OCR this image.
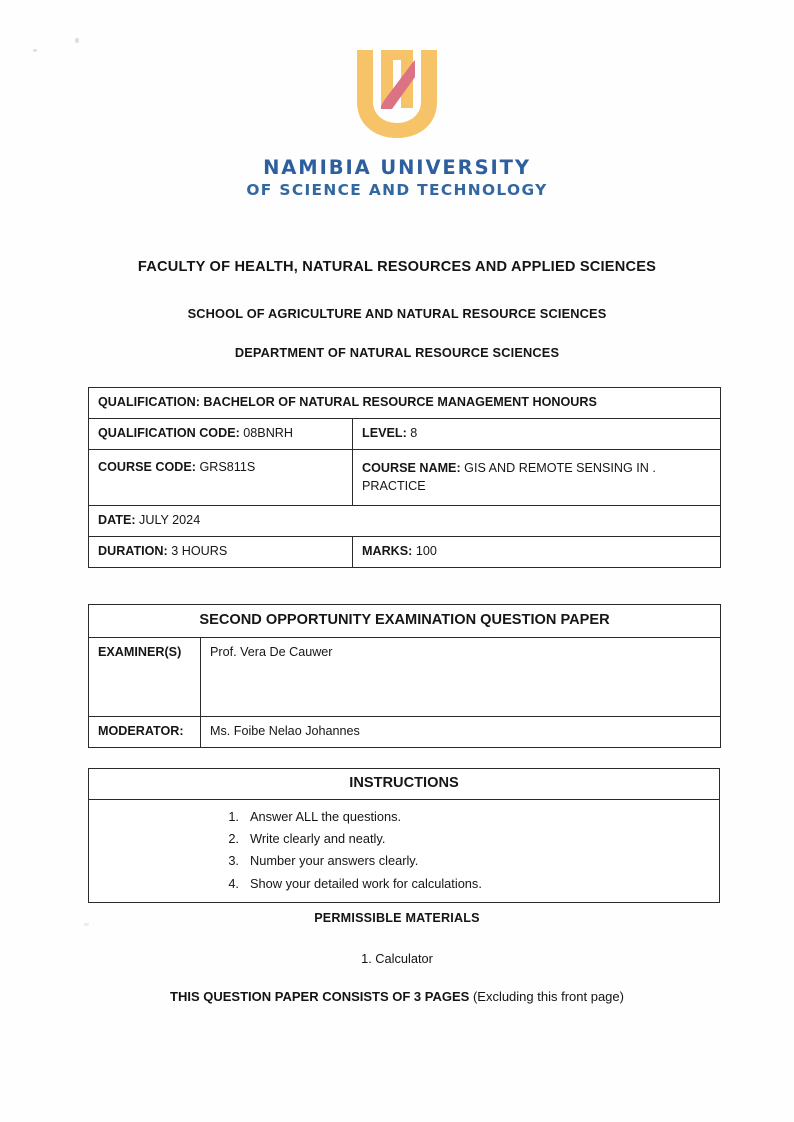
NAMIBIA UNIVERSITY
OF SCIENCE AND TECHNOLOGY
FACULTY OF HEALTH, NATURAL RESOURCES AND APPLIED SCIENCES
SCHOOL OF AGRICULTURE AND NATURAL RESOURCE SCIENCES
DEPARTMENT OF NATURAL RESOURCE SCIENCES
QUALIFICATION: BACHELOR OF NATURAL RESOURCE MANAGEMENT HONOURS	
QUALIFICATION CODE: 08BNRH	LEVEL: 8
COURSE CODE: GRS811S	COURSE NAME: GIS AND REMOTE SENSING IN . PRACTICE
DATE: JULY 2024	
DURATION: 3 HOURS	MARKS: 100
SECOND OPPORTUNITY EXAMINATION QUESTION PAPER	
EXAMINER(S)	Prof. Vera De Cauwer
MODERATOR:	Ms. Foibe Nelao Johannes
INSTRUCTIONS

1. Answer ALL the questions.
2. Write clearly and neatly.
3. Number your answers clearly.
4. Show your detailed work for calculations.
PERMISSIBLE MATERIALS
1. Calculator
THIS QUESTION PAPER CONSISTS OF 3 PAGES (Excluding this front page)
